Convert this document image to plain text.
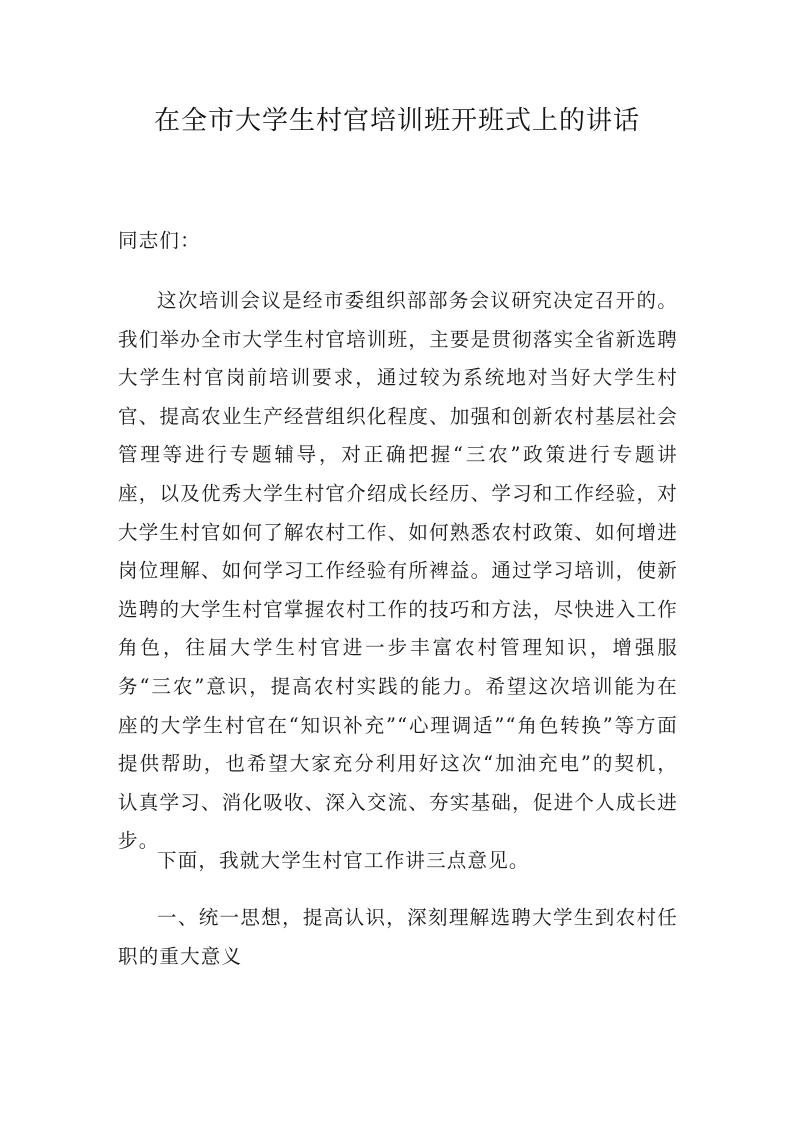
在全市大学生村官培训班开班式上的讲话

同志们：

这次培训会议是经市委组织部部务会议研究决定召开的。我们举办全市大学生村官培训班，主要是贯彻落实全省新选聘大学生村官岗前培训要求，通过较为系统地对当好大学生村官、提高农业生产经营组织化程度、加强和创新农村基层社会管理等进行专题辅导，对正确把握“三农”政策进行专题讲座，以及优秀大学生村官介绍成长经历、学习和工作经验，对大学生村官如何了解农村工作、如何熟悉农村政策、如何增进岗位理解、如何学习工作经验有所裨益。通过学习培训，使新选聘的大学生村官掌握农村工作的技巧和方法，尽快进入工作角色，往届大学生村官进一步丰富农村管理知识，增强服务“三农”意识，提高农村实践的能力。希望这次培训能为在座的大学生村官在“知识补充”“心理调适”“角色转换”等方面提供帮助，也希望大家充分利用好这次“加油充电”的契机，认真学习、消化吸收、深入交流、夯实基础，促进个人成长进步。

下面，我就大学生村官工作讲三点意见。

一、统一思想，提高认识，深刻理解选聘大学生到农村任职的重大意义
